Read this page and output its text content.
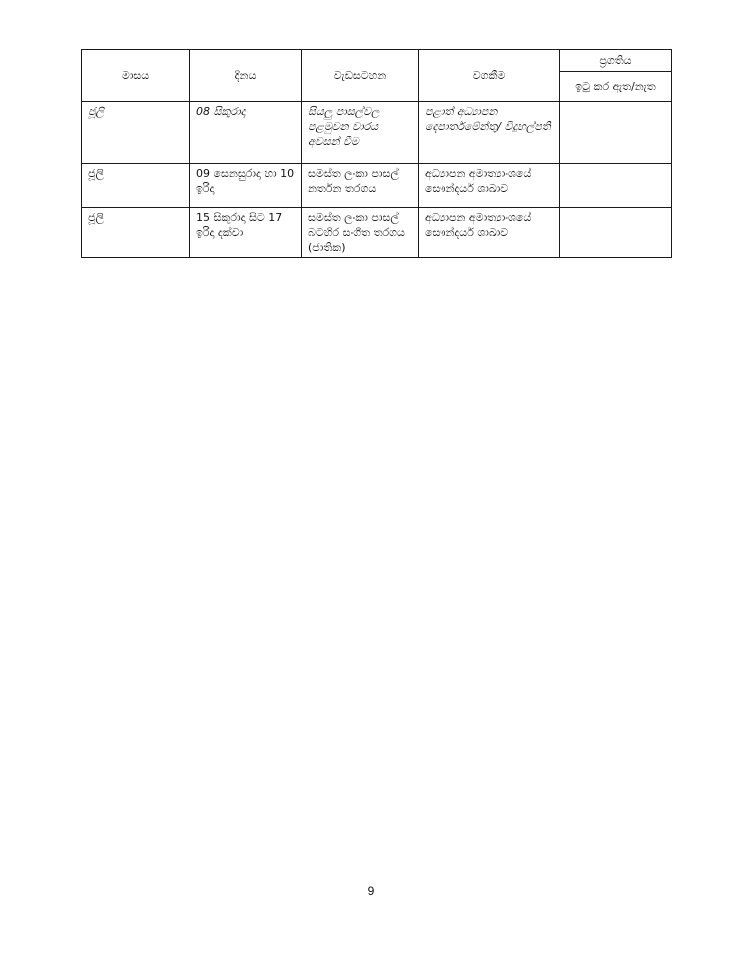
මාසය	දිනය	වැඩසටහන	වගකීම	ප්‍රගතිය
				ඉටු කර ඇත/නැත
ජූලි	08 සිකුරාදා	සියලු පාසල්වල පළමුවන වාරය අවසන් වීම	පළාත් අධ්‍යාපන දෙපාර්තමේන්තු/ විදුහල්පති	
ජූලි	09 සෙනසුරාදා හා 10 ඉරිදා	සමස්ත ලංකා පාසල් නර්තන තරගය	අධ්‍යාපන අමාත්‍යාංශයේ සෞන්දර්ය ශාඛාව	
ජූලි	15 සිකුරාදා සිට 17 ඉරිදා දක්වා	සමස්ත ලංකා පාසල් බටහිර සංගීත තරගය (ජාතික)	අධ්‍යාපන අමාත්‍යාංශයේ සෞන්දර්ය ශාඛාව	
9
